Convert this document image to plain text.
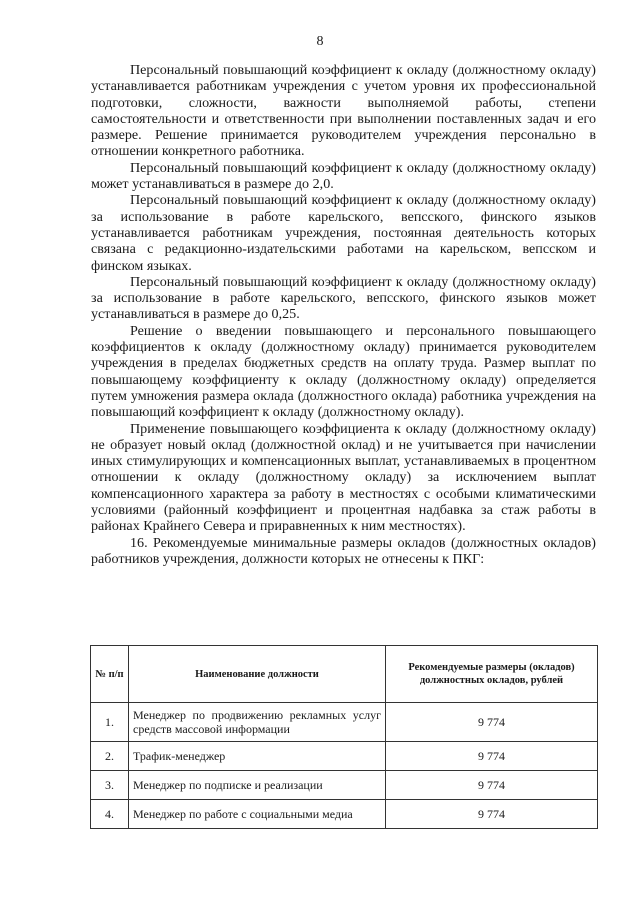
8

Персональный повышающий коэффициент к окладу (должностному окладу) устанавливается работникам учреждения с учетом уровня их профессиональной подготовки, сложности, важности выполняемой работы, степени самостоятельности и ответственности при выполнении поставленных задач и его размере. Решение принимается руководителем учреждения персонально в отношении конкретного работника.

Персональный повышающий коэффициент к окладу (должностному окладу) может устанавливаться в размере до 2,0.

Персональный повышающий коэффициент к окладу (должностному окладу) за использование в работе карельского, вепсского, финского языков устанавливается работникам учреждения, постоянная деятельность которых связана с редакционно-издательскими работами на карельском, вепсском и финском языках.

Персональный повышающий коэффициент к окладу (должностному окладу) за использование в работе карельского, вепсского, финского языков может устанавливаться в размере до 0,25.

Решение о введении повышающего и персонального повышающего коэффициентов к окладу (должностному окладу) принимается руководителем учреждения в пределах бюджетных средств на оплату труда. Размер выплат по повышающему коэффициенту к окладу (должностному окладу) определяется путем умножения размера оклада (должностного оклада) работника учреждения на повышающий коэффициент к окладу (должностному окладу).

Применение повышающего коэффициента к окладу (должностному окладу) не образует новый оклад (должностной оклад) и не учитывается при начислении иных стимулирующих и компенсационных выплат, устанавливаемых в процентном отношении к окладу (должностному окладу) за исключением выплат компенсационного характера за работу в местностях с особыми климатическими условиями (районный коэффициент и процентная надбавка за стаж работы в районах Крайнего Севера и приравненных к ним местностях).

16. Рекомендуемые минимальные размеры окладов (должностных окладов) работников учреждения, должности которых не отнесены к ПКГ:

№ п/п	Наименование должности	Рекомендуемые размеры (окладов) должностных окладов, рублей
1.	Менеджер по продвижению рекламных услуг средств массовой информации	9 774
2.	Трафик-менеджер	9 774
3.	Менеджер по подписке и реализации	9 774
4.	Менеджер по работе с социальными медиа	9 774
